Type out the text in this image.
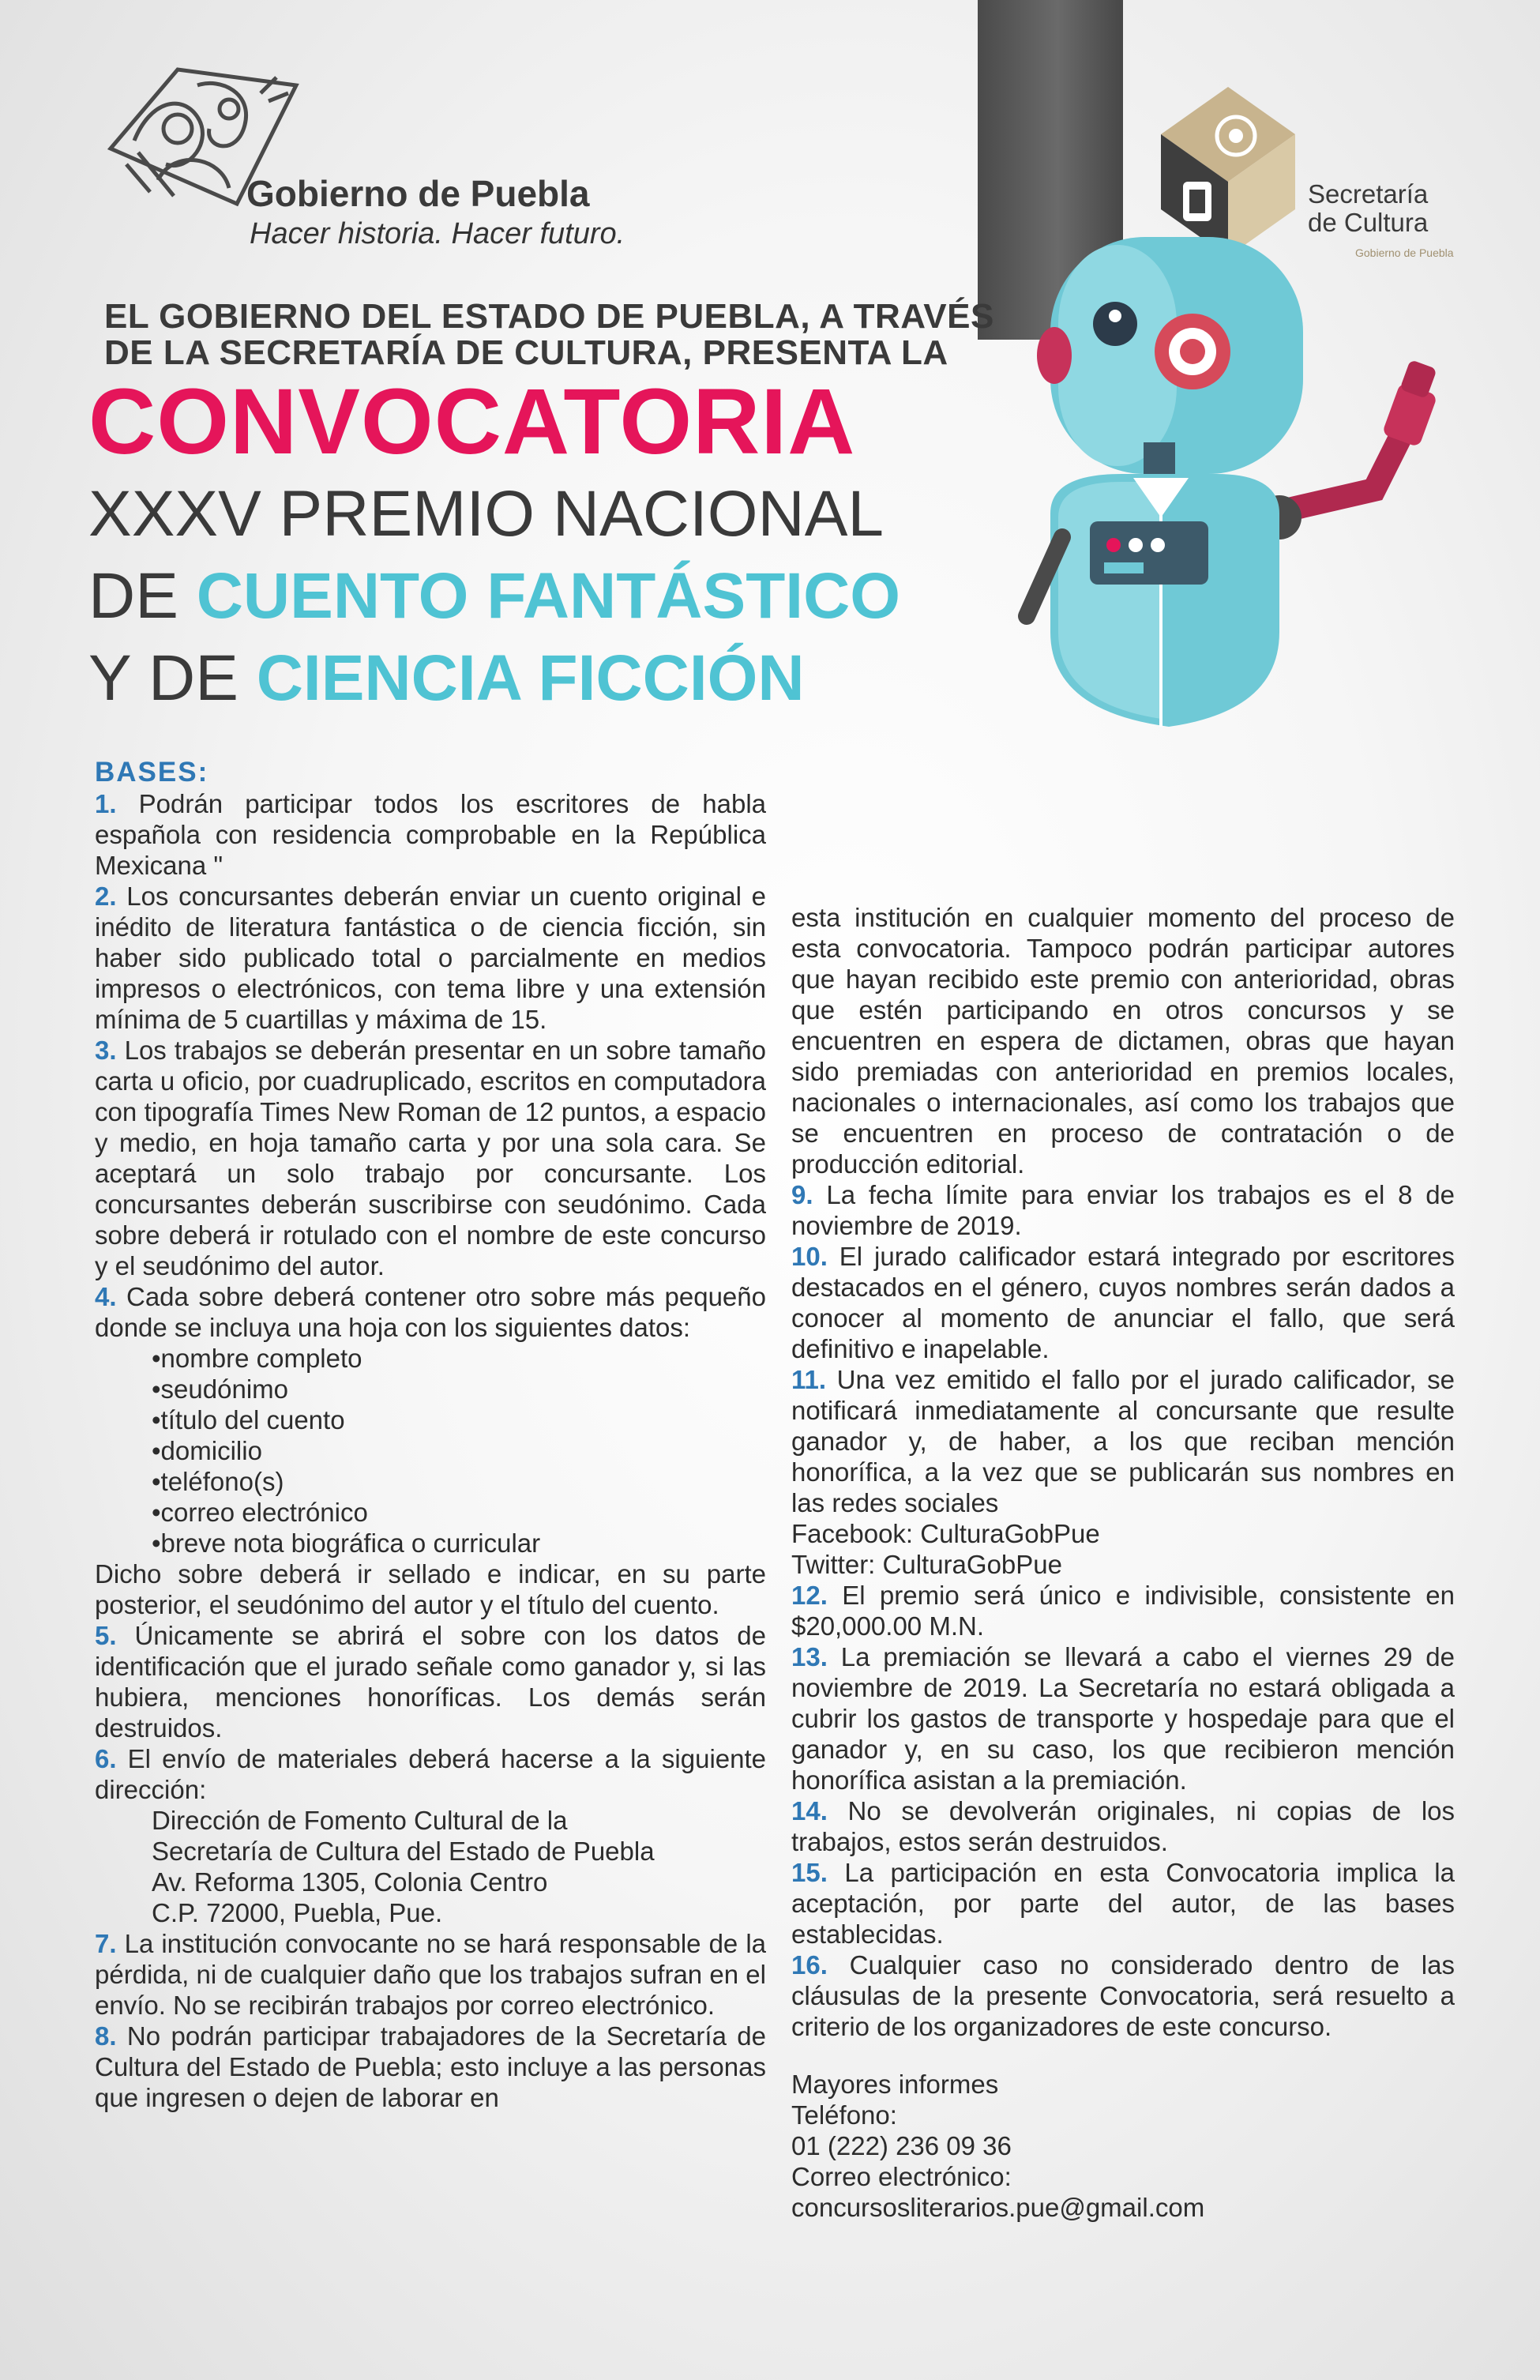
Gobierno de Puebla
Hacer historia. Hacer futuro.
Secretaría
de Cultura
Gobierno de Puebla
EL GOBIERNO DEL ESTADO DE PUEBLA, A TRAVÉS
DE LA SECRETARÍA DE CULTURA, PRESENTA LA
CONVOCATORIA
XXXV PREMIO NACIONAL
DE CUENTO FANTÁSTICO
Y DE CIENCIA FICCIÓN
BASES:

1. Podrán participar todos los escritores de habla española con residencia comprobable en la República Mexicana "

2. Los concursantes deberán enviar un cuento original e inédito de literatura fantástica o de ciencia ficción, sin haber sido publicado total o parcialmente en medios impresos o electrónicos, con tema libre y una extensión mínima de 5 cuartillas y máxima de 15.

3. Los trabajos se deberán presentar en un sobre tamaño carta u oficio, por cuadruplicado, escritos en computadora con tipografía Times New Roman de 12 puntos, a espacio y medio, en hoja tamaño carta y por una sola cara. Se aceptará un solo trabajo por concursante. Los concursantes deberán suscribirse con seudónimo. Cada sobre deberá ir rotulado con el nombre de este concurso y el seudónimo del autor.

4. Cada sobre deberá contener otro sobre más pequeño donde se incluya una hoja con los siguientes datos:

•nombre completo
•seudónimo
•título del cuento
•domicilio
•teléfono(s)
•correo electrónico
•breve nota biográfica o curricular

Dicho sobre deberá ir sellado e indicar, en su parte posterior, el seudónimo del autor y el título del cuento.

5. Únicamente se abrirá el sobre con los datos de identificación que el jurado señale como ganador y, si las hubiera, menciones honoríficas. Los demás serán destruidos.

6. El envío de materiales deberá hacerse a la siguiente dirección:

Dirección de Fomento Cultural de la
Secretaría de Cultura del Estado de Puebla
Av. Reforma 1305, Colonia Centro
C.P. 72000, Puebla, Pue.

7. La institución convocante no se hará responsable de la pérdida, ni de cualquier daño que los trabajos sufran en el envío. No se recibirán trabajos por correo electrónico.

8. No podrán participar trabajadores de la Secretaría de Cultura del Estado de Puebla; esto incluye a las personas que ingresen o dejen de laborar en

esta institución en cualquier momento del proceso de esta convocatoria. Tampoco podrán participar autores que hayan recibido este premio con anterioridad, obras que estén participando en otros concursos y se encuentren en espera de dictamen, obras que hayan sido premiadas con anterioridad en premios locales, nacionales o internacionales, así como los trabajos que se encuentren en proceso de contratación o de producción editorial.

9. La fecha límite para enviar los trabajos es el 8 de noviembre de 2019.

10. El jurado calificador estará integrado por escritores destacados en el género, cuyos nombres serán dados a conocer al momento de anunciar el fallo, que será definitivo e inapelable.

11. Una vez emitido el fallo por el jurado calificador, se notificará inmediatamente al concursante que resulte ganador y, de haber, a los que reciban mención honorífica, a la vez que se publicarán sus nombres en las redes sociales

Facebook: CulturaGobPue
Twitter: CulturaGobPue

12. El premio será único e indivisible, consistente en $20,000.00 M.N.

13. La premiación se llevará a cabo el viernes 29 de noviembre de 2019. La Secretaría no estará obligada a cubrir los gastos de transporte y hospedaje para que el ganador y, en su caso, los que recibieron mención honorífica asistan a la premiación.

14. No se devolverán originales, ni copias de los trabajos, estos serán destruidos.

15. La participación en esta Convocatoria implica la aceptación, por parte del autor, de las bases establecidas.

16. Cualquier caso no considerado dentro de las cláusulas de la presente Convocatoria, será resuelto a criterio de los organizadores de este concurso.

Mayores informes

Teléfono:

01 (222) 236 09 36

Correo electrónico:

concursosliterarios.pue@gmail.com
